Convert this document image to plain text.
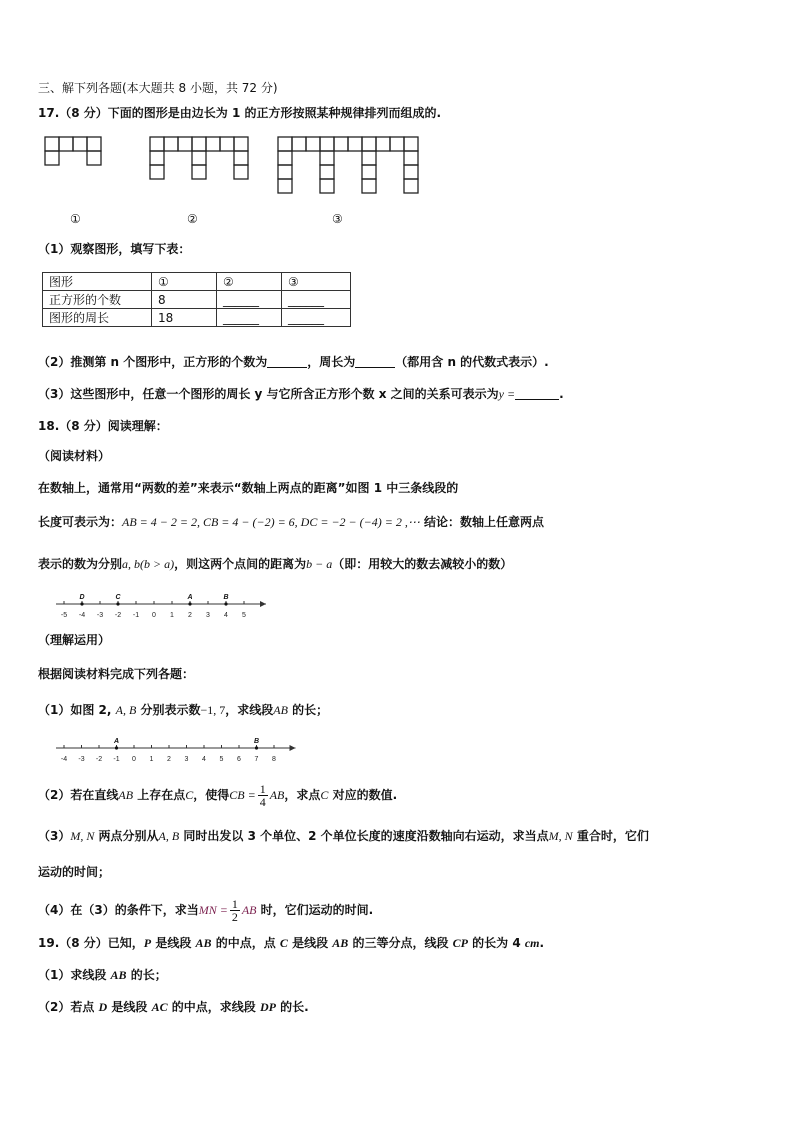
三、解下列各题(本大题共 8 小题，共 72 分)
17.（8 分）下面的图形是由边长为 1 的正方形按照某种规律排列而组成的.
①	②	③
（1）观察图形，填写下表：
图形	①	②	③
正方形的个数	8	______	______
图形的周长	18	______	______
（2）推测第 n 个图形中，正方形的个数为	，周长为	（都用含 n 的代数式表示）.
（3）这些图形中，任意一个图形的周长 y 与它所含正方形个数 x 之间的关系可表示为y =	.
18.（8 分）阅读理解：
（阅读材料）
在数轴上，通常用“两数的差”来表示“数轴上两点的距离”如图 1 中三条线段的
长度可表示为：AB = 4 − 2 = 2, CB = 4 − (−2) = 6, DC = −2 − (−4) = 2 ,⋯ 结论：数轴上任意两点
表示的数为分别a, b(b > a)，则这两个点间的距离为b − a（即：用较大的数去减较小的数）
-5 -4 -3 -2 -1 0 1 2 3 4 5
D	C	A	B
（理解运用）
根据阅读材料完成下列各题：
（1）如图 2, A, B 分别表示数−1, 7，求线段AB 的长；
-4 -3 -2 -1 0 1 2 3 4 5 6 7 8
A	B
（2）若在直线AB 上存在点C，使得CB = $\frac{1}{4}$ AB，求点C 对应的数值.
（3）M, N 两点分别从A, B 同时出发以 3 个单位、2 个单位长度的速度沿数轴向右运动，求当点M, N 重合时，它们
运动的时间；
（4）在（3）的条件下，求当MN = $\frac{1}{2}$ AB 时，它们运动的时间.
19.（8 分）已知，P 是线段 AB 的中点，点 C 是线段 AB 的三等分点，线段 CP 的长为 4 cm.
（1）求线段 AB 的长；
（2）若点 D 是线段 AC 的中点，求线段 DP 的长.
